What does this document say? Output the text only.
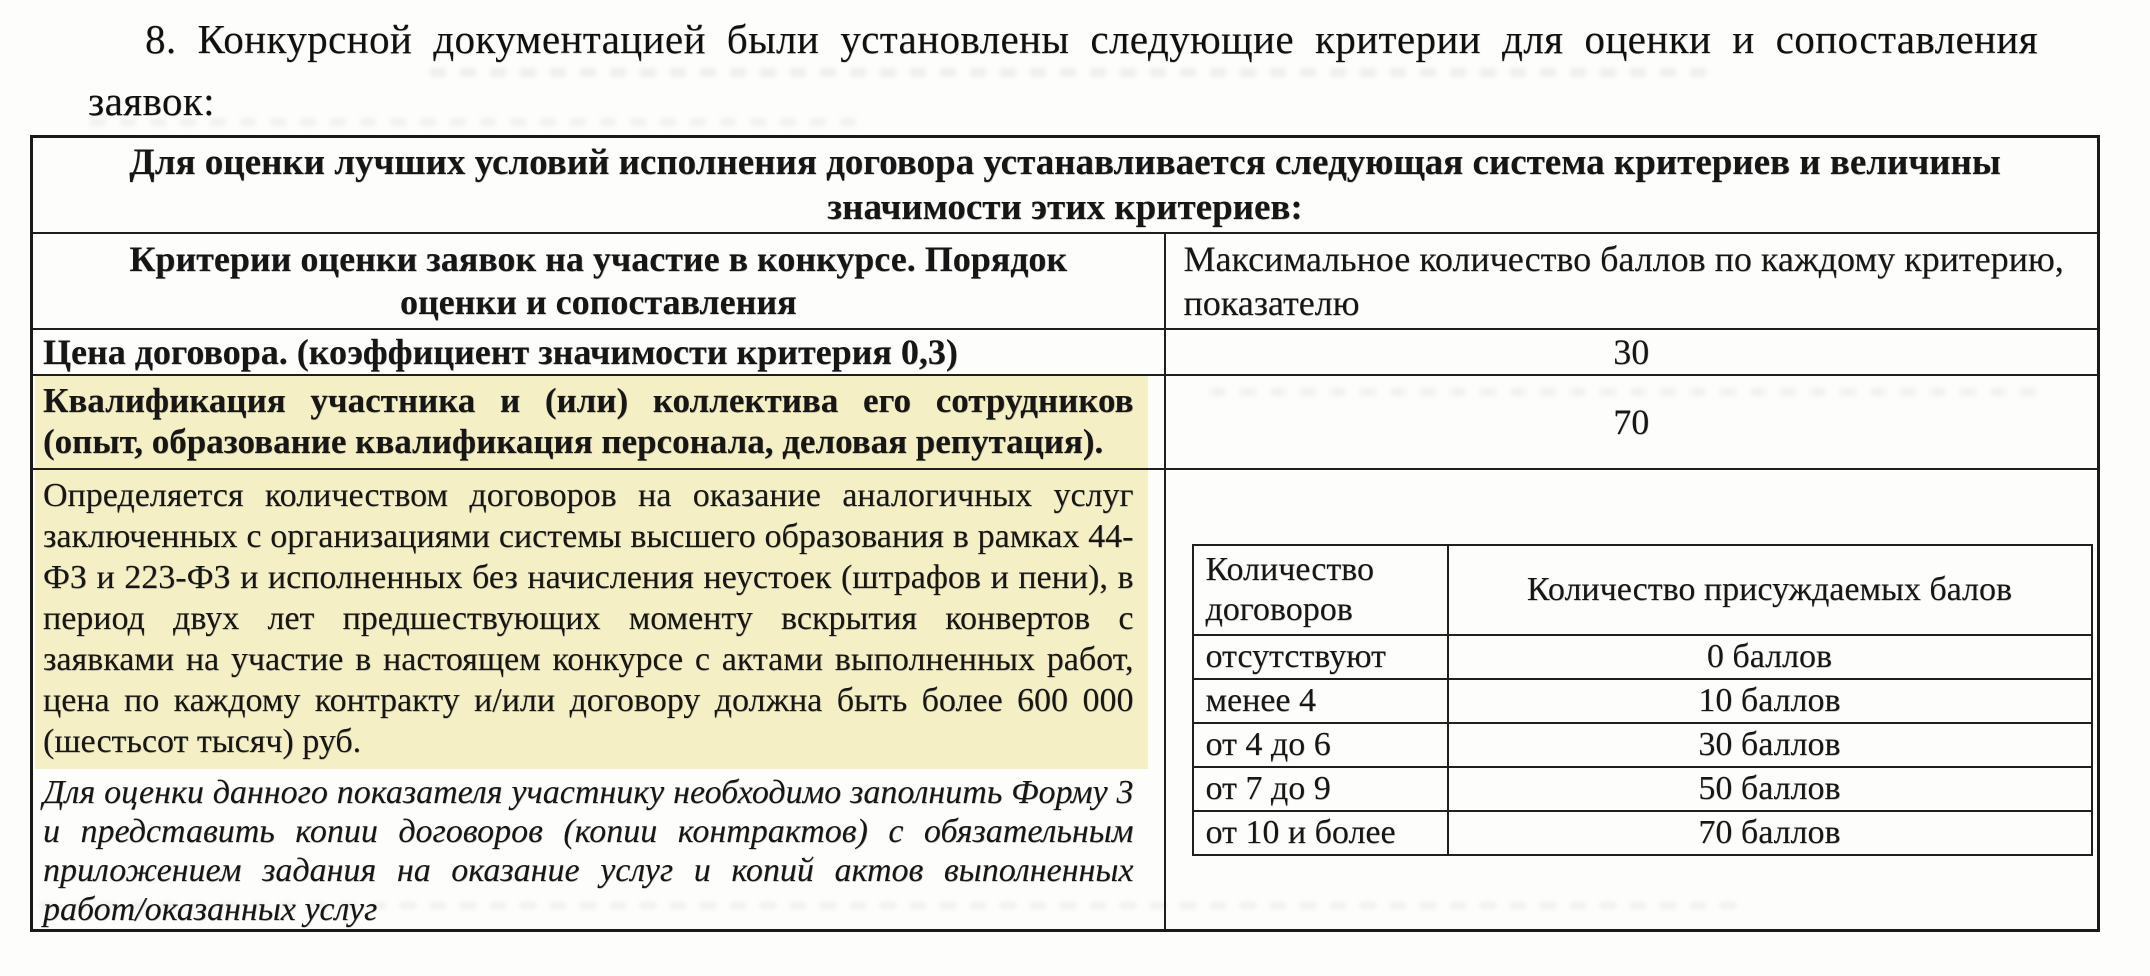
8. Конкурсной документацией были установлены следующие критерии для оценки и сопоставления заявок:

Для оценки лучших условий исполнения договора устанавливается следующая система критериев и величины значимости этих критериев:
Критерии оценки заявок на участие в конкурсе. Порядок оценки и сопоставления	Максимальное количество баллов по каждому критерию, показателю
Цена договора. (коэффициент значимости критерия 0,3)	30

Квалификация участника и (или) коллектива его сотрудников (опыт, образование квалификация персонала, деловая репутация).	70

Определяется количеством договоров на оказание аналогичных услуг заключенных с организациями системы высшего образования в рамках 44-ФЗ и 223-ФЗ и исполненных без начисления неустоек (штрафов и пени), в период двух лет предшествующих моменту вскрытия конвертов с заявками на участие в настоящем конкурсе с актами выполненных работ, цена по каждому контракту и/или договору должна быть более 600 000 (шестьсот тысяч) руб.
Для оценки данного показателя участнику необходимо заполнить Форму 3 и представить копии договоров (копии контрактов) с обязательным приложением задания на оказание услуг и копий актов выполненных работ/оказанных услуг

Количество договоров	Количество присуждаемых балов
отсутствуют	0 баллов
менее 4	10 баллов
от 4 до 6	30 баллов
от 7 до 9	50 баллов
от 10 и более	70 баллов
